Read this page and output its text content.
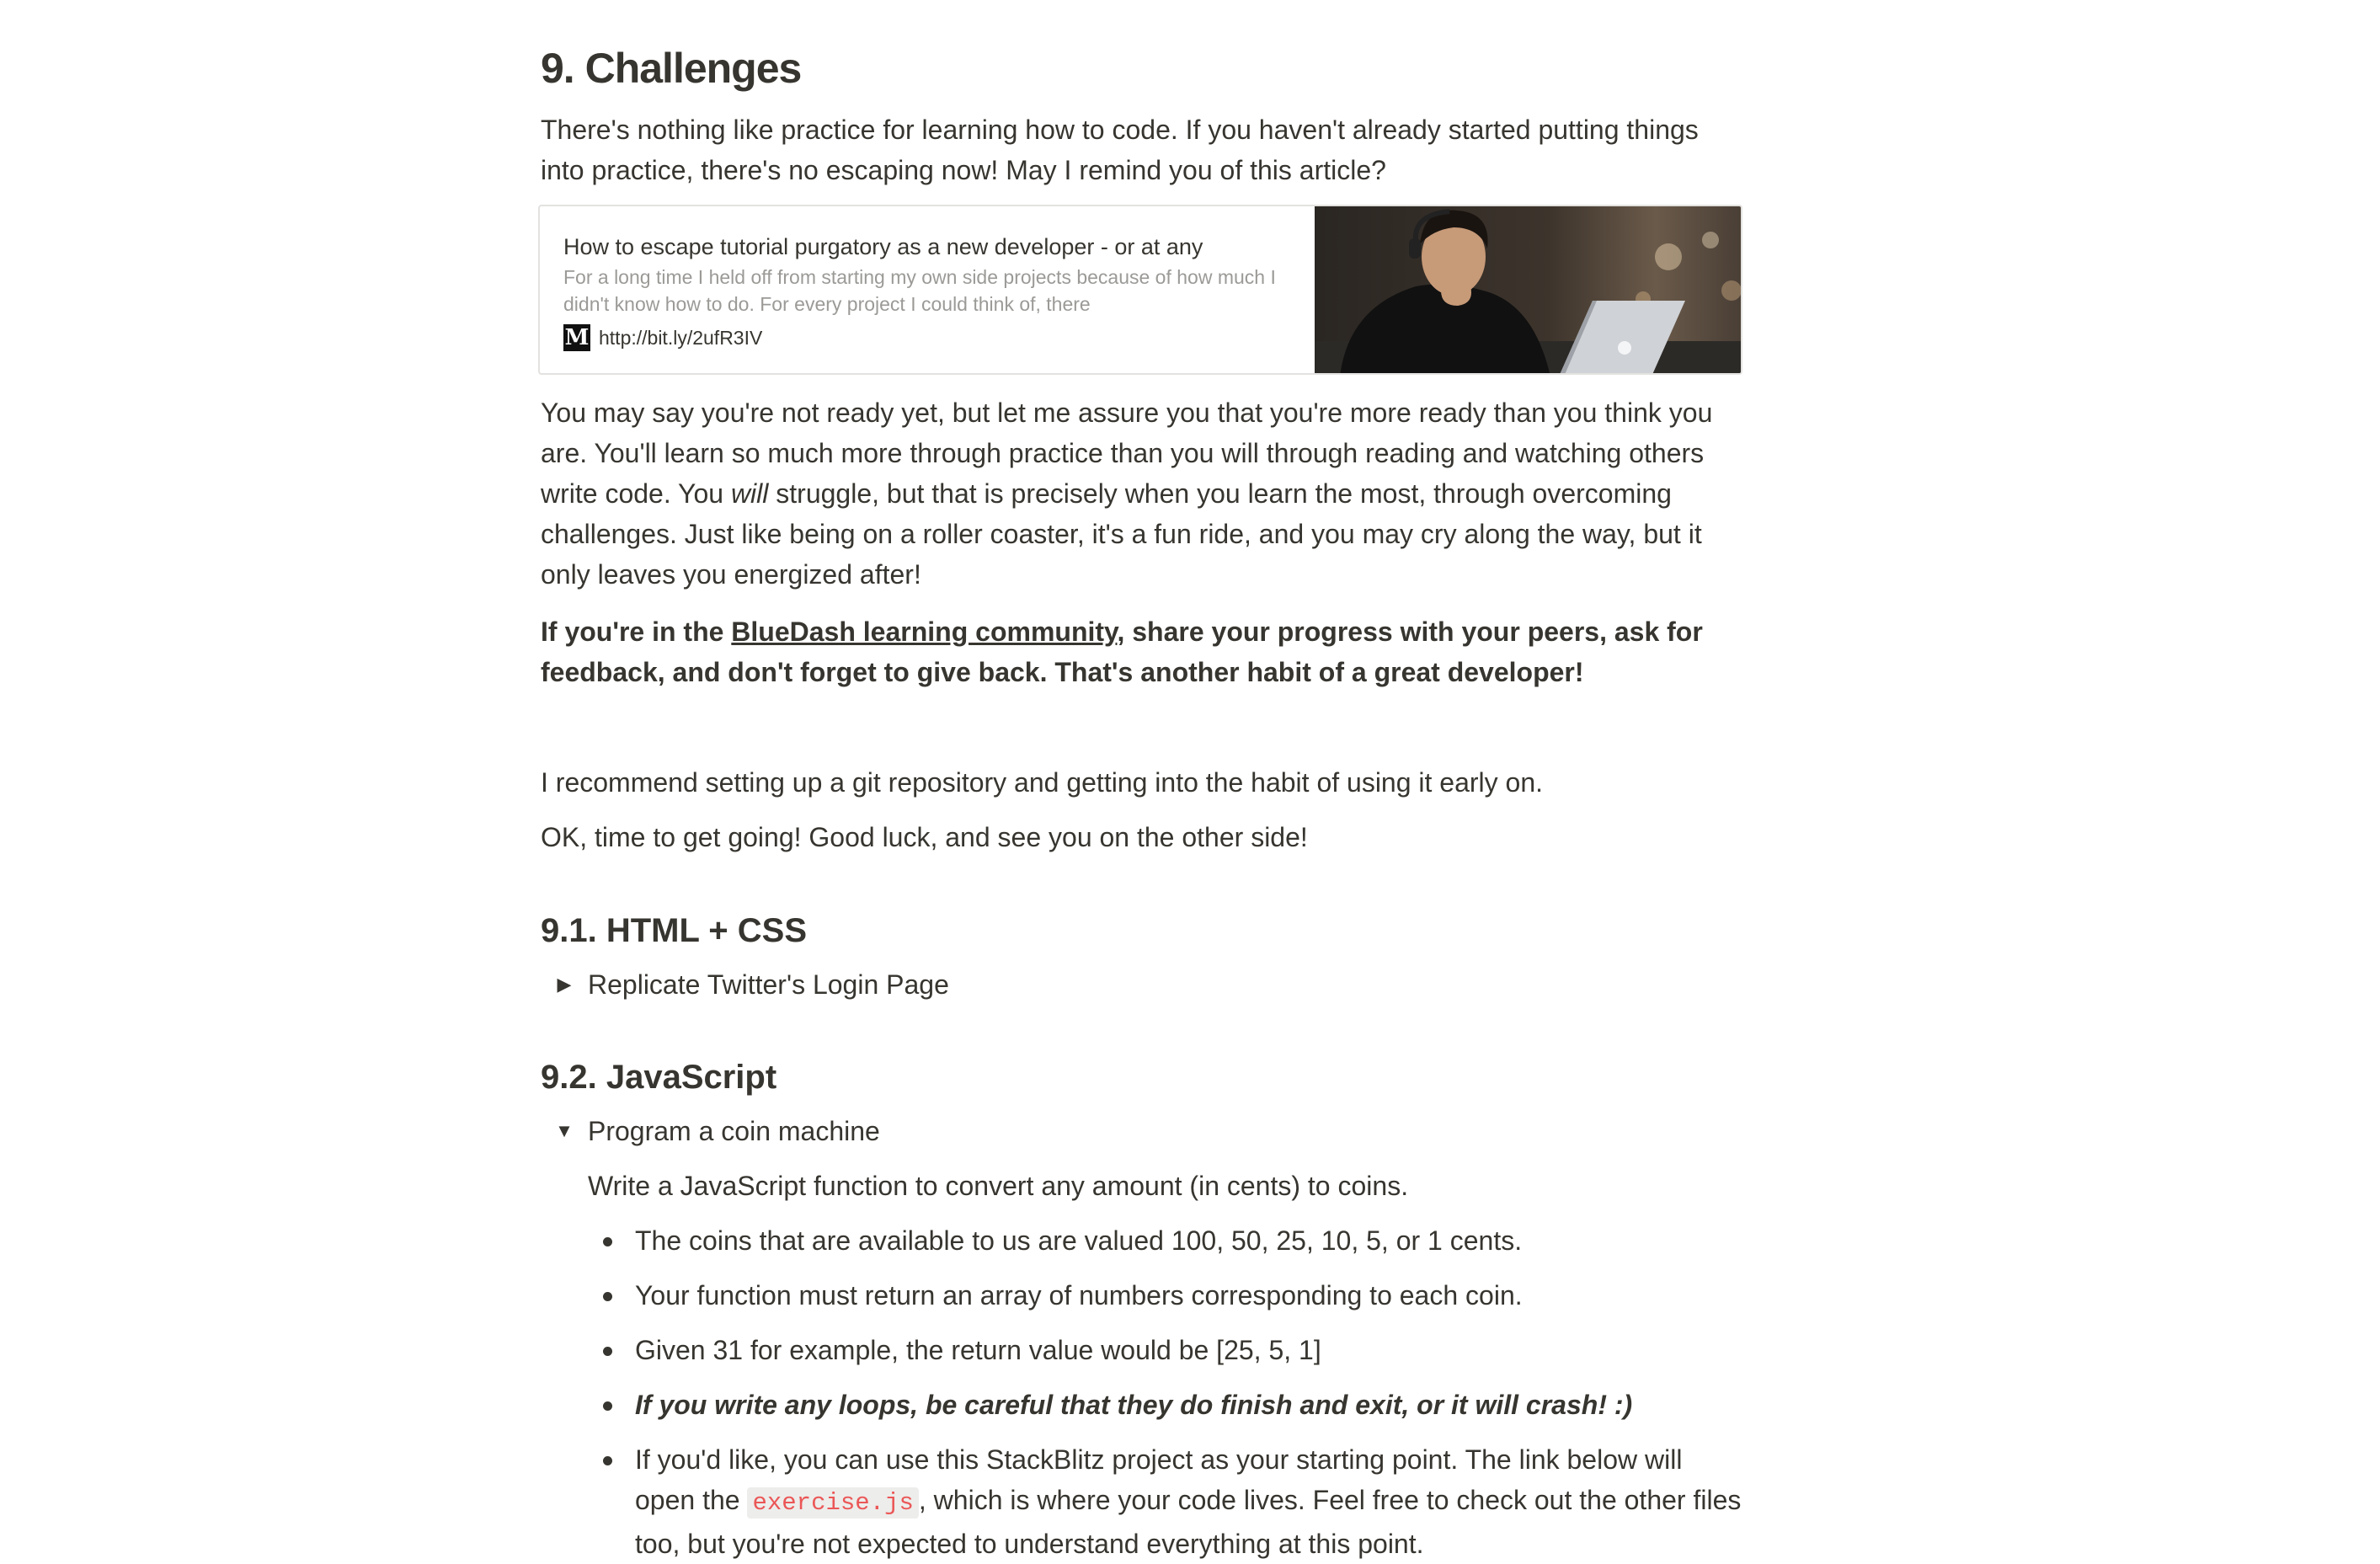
9. Challenges

There's nothing like practice for learning how to code. If you haven't already started putting things into practice, there's no escaping now! May I remind you of this article?

How to escape tutorial purgatory as a new developer - or at any
For a long time I held off from starting my own side projects because of how much I didn't know how to do. For every project I could think of, there
M http://bit.ly/2ufR3IV

You may say you're not ready yet, but let me assure you that you're more ready than you think you are. You'll learn so much more through practice than you will through reading and watching others write code. You will struggle, but that is precisely when you learn the most, through overcoming challenges. Just like being on a roller coaster, it's a fun ride, and you may cry along the way, but it only leaves you energized after!

If you're in the BlueDash learning community, share your progress with your peers, ask for feedback, and don't forget to give back. That's another habit of a great developer!

I recommend setting up a git repository and getting into the habit of using it early on.

OK, time to get going! Good luck, and see you on the other side!

9.1. HTML + CSS
▶ Replicate Twitter's Login Page
9.2. JavaScript
▼ Program a coin machine

Write a JavaScript function to convert any amount (in cents) to coins.

The coins that are available to us are valued 100, 50, 25, 10, 5, or 1 cents.
Your function must return an array of numbers corresponding to each coin.
Given 31 for example, the return value would be [25, 5, 1]
If you write any loops, be careful that they do finish and exit, or it will crash! :)
If you'd like, you can use this StackBlitz project as your starting point. The link below will open the exercise.js , which is where your code lives. Feel free to check out the other files too, but you're not expected to understand everything at this point.
